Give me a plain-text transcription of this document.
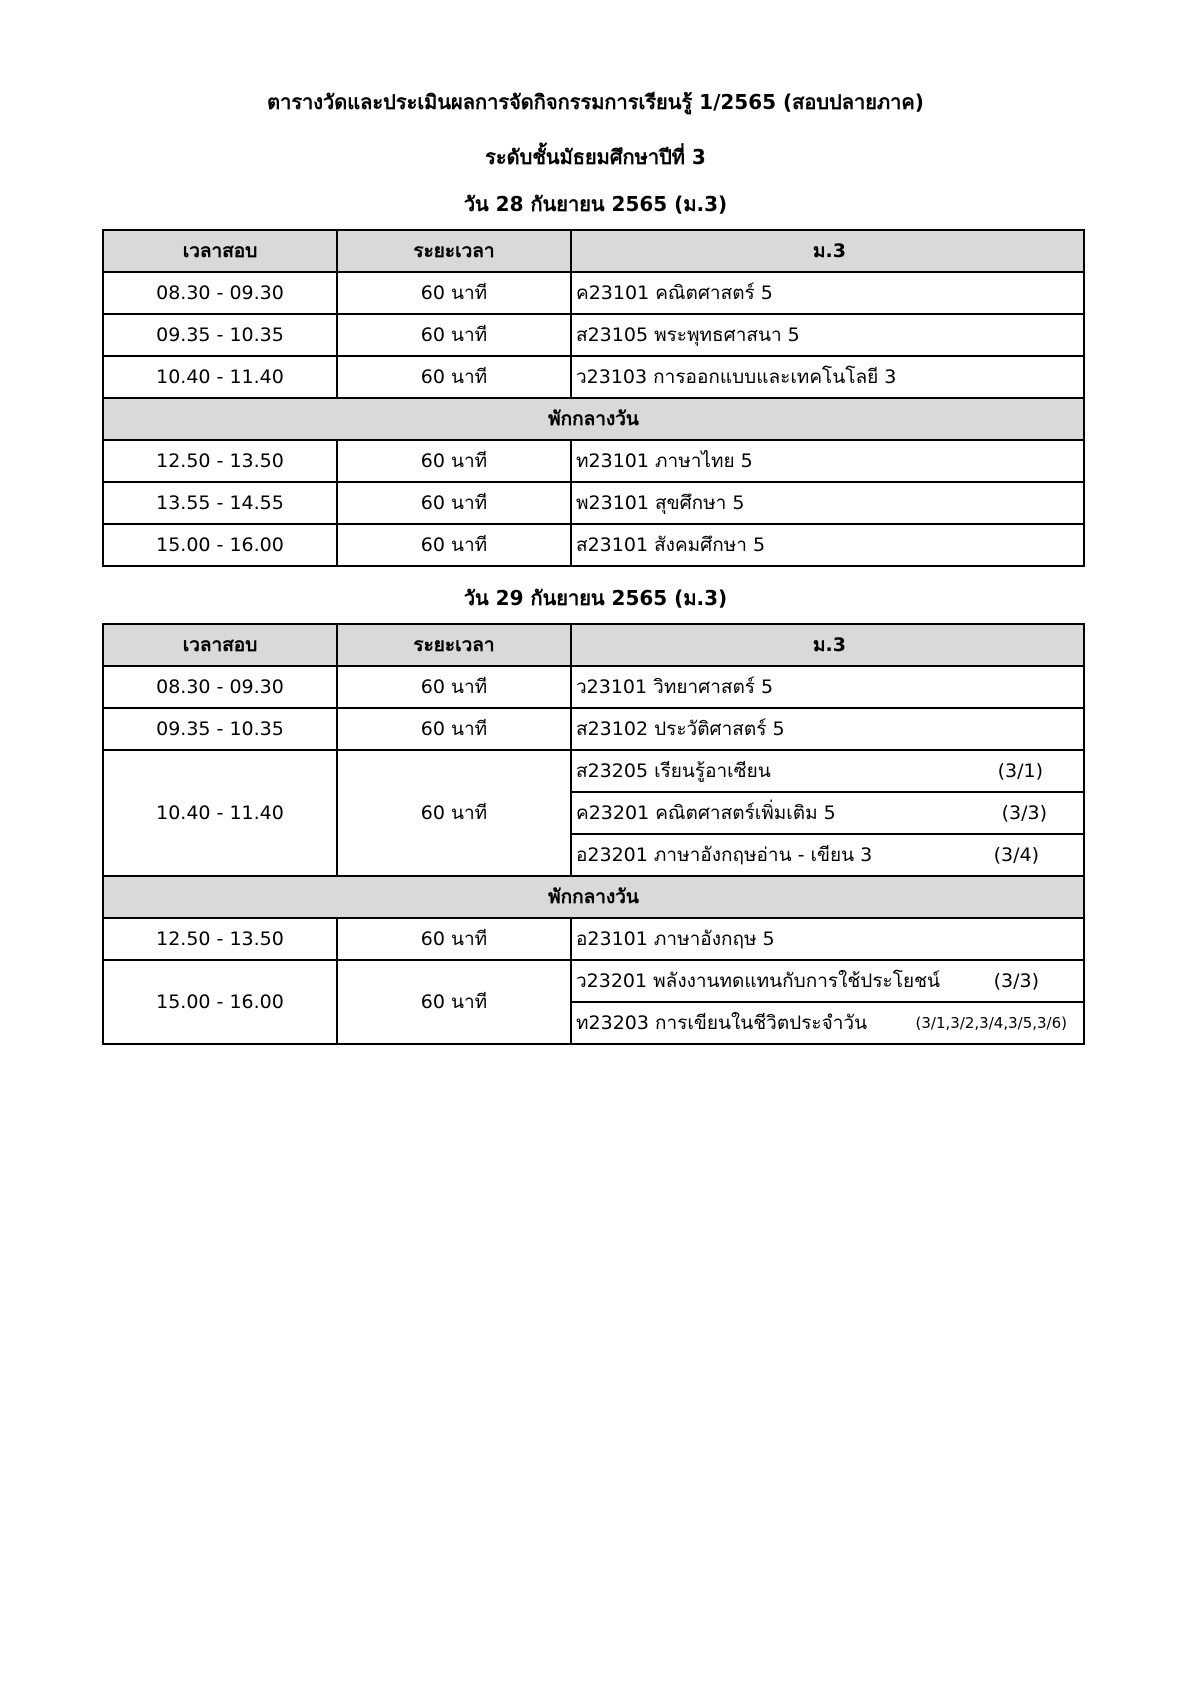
ตารางวัดและประเมินผลการจัดกิจกรรมการเรียนรู้ 1/2565 (สอบปลายภาค)
ระดับชั้นมัธยมศึกษาปีที่ 3
วัน 28 กันยายน 2565 (ม.3)
เวลาสอบ	ระยะเวลา	ม.3
08.30 - 09.30	60 นาที	ค23101 คณิตศาสตร์ 5
09.35 - 10.35	60 นาที	ส23105 พระพุทธศาสนา 5
10.40 - 11.40	60 นาที	ว23103 การออกแบบและเทคโนโลยี 3
พักกลางวัน		
12.50 - 13.50	60 นาที	ท23101 ภาษาไทย 5
13.55 - 14.55	60 นาที	พ23101 สุขศึกษา 5
15.00 - 16.00	60 นาที	ส23101 สังคมศึกษา 5
วัน 29 กันยายน 2565 (ม.3)
เวลาสอบ	ระยะเวลา	ม.3
08.30 - 09.30	60 นาที	ว23101 วิทยาศาสตร์ 5
09.35 - 10.35	60 นาที	ส23102 ประวัติศาสตร์ 5
10.40 - 11.40	60 นาที	ส23205 เรียนรู้อาเซียน (3/1)

		ค23201 คณิตศาสตร์เพิ่มเติม 5 (3/3)

		อ23201 ภาษาอังกฤษอ่าน - เขียน 3 (3/4)

พักกลางวัน		
12.50 - 13.50	60 นาที	อ23101 ภาษาอังกฤษ 5
15.00 - 16.00	60 นาที	ว23201 พลังงานทดแทนกับการใช้ประโยชน์ (3/3)

		ท23203 การเขียนในชีวิตประจำวัน (3/1,3/2,3/4,3/5,3/6)
